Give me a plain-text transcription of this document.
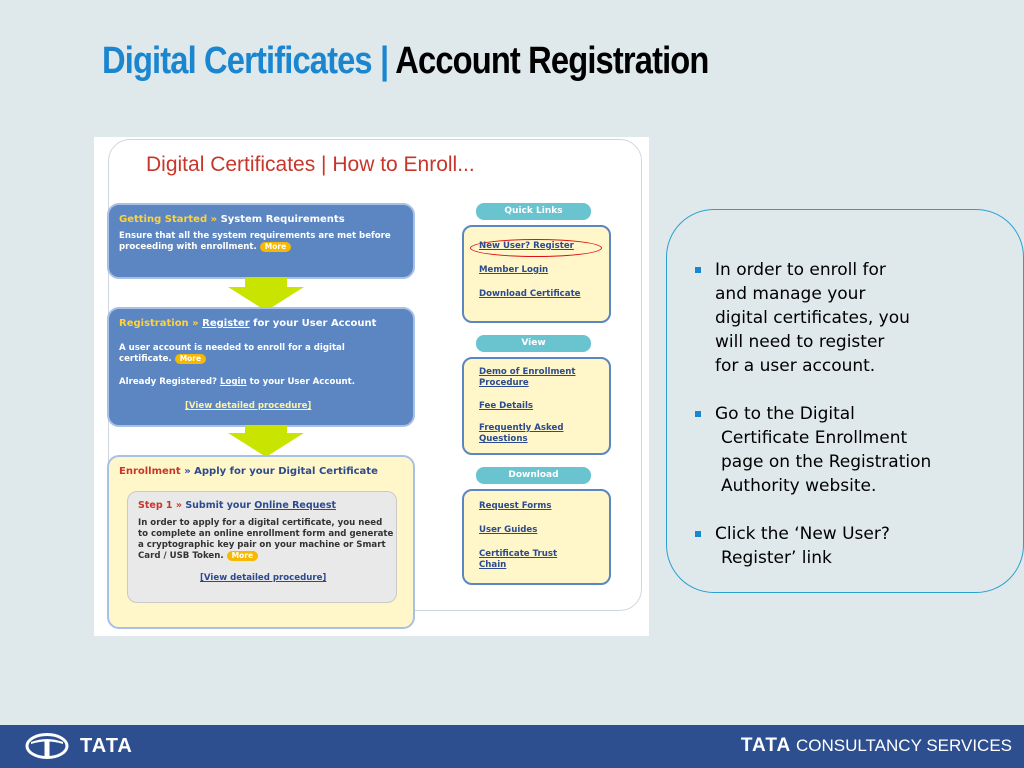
Digital Certificates | Account Registration
Digital Certificates | How to Enroll...
Getting Started » System Requirements
Ensure that all the system requirements are met before proceeding with enrollment. More
Registration » Register for your User Account
A user account is needed to enroll for a digital certificate. More
Already Registered? Login to your User Account.
[View detailed procedure]
Enrollment » Apply for your Digital Certificate
Step 1 » Submit your Online Request
In order to apply for a digital certificate, you need to complete an online enrollment form and generate a cryptographic key pair on your machine or Smart Card / USB Token. More
[View detailed procedure]
Quick Links
New User? Register
Member Login
Download Certificate
View
Demo of Enrollment Procedure
Fee Details
Frequently Asked Questions
Download
Request Forms
User Guides
Certificate Trust Chain
In order to enroll for
and manage your
digital certificates, you
will need to register
for a user account.
Go to the Digital
Certificate Enrollment
page on the Registration
Authority website.
Click the ‘New User?
Register’ link
TATA	TATA CONSULTANCY SERVICES
